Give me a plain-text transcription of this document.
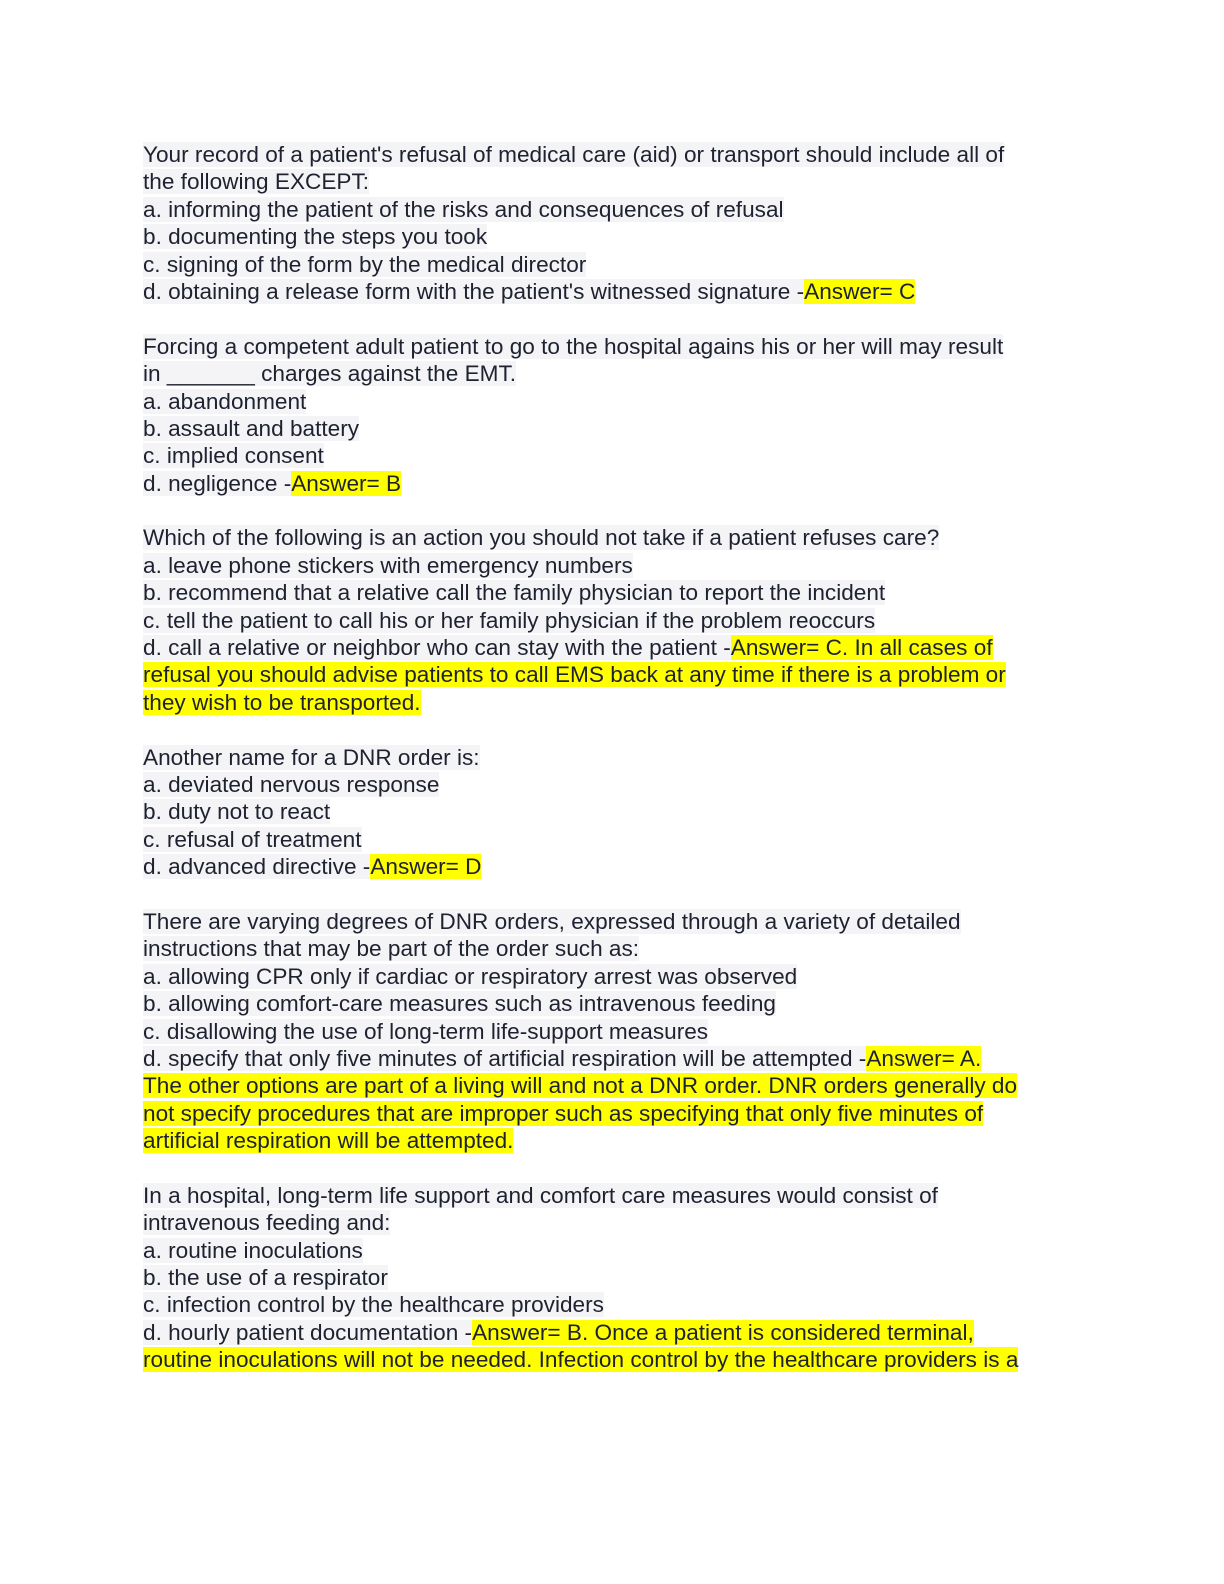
Your record of a patient's refusal of medical care (aid) or transport should include all of
the following EXCEPT:
a. informing the patient of the risks and consequences of refusal
b. documenting the steps you took
c. signing of the form by the medical director
d. obtaining a release form with the patient's witnessed signature -Answer= C
Forcing a competent adult patient to go to the hospital agains his or her will may result
in _______ charges against the EMT.
a. abandonment
b. assault and battery
c. implied consent
d. negligence -Answer= B
Which of the following is an action you should not take if a patient refuses care?
a. leave phone stickers with emergency numbers
b. recommend that a relative call the family physician to report the incident
c. tell the patient to call his or her family physician if the problem reoccurs
d. call a relative or neighbor who can stay with the patient -Answer= C. In all cases of
refusal you should advise patients to call EMS back at any time if there is a problem or
they wish to be transported.
Another name for a DNR order is:
a. deviated nervous response
b. duty not to react
c. refusal of treatment
d. advanced directive -Answer= D
There are varying degrees of DNR orders, expressed through a variety of detailed
instructions that may be part of the order such as:
a. allowing CPR only if cardiac or respiratory arrest was observed
b. allowing comfort-care measures such as intravenous feeding
c. disallowing the use of long-term life-support measures
d. specify that only five minutes of artificial respiration will be attempted -Answer= A.
The other options are part of a living will and not a DNR order. DNR orders generally do
not specify procedures that are improper such as specifying that only five minutes of
artificial respiration will be attempted.
In a hospital, long-term life support and comfort care measures would consist of
intravenous feeding and:
a. routine inoculations
b. the use of a respirator
c. infection control by the healthcare providers
d. hourly patient documentation -Answer= B. Once a patient is considered terminal,
routine inoculations will not be needed. Infection control by the healthcare providers is a
